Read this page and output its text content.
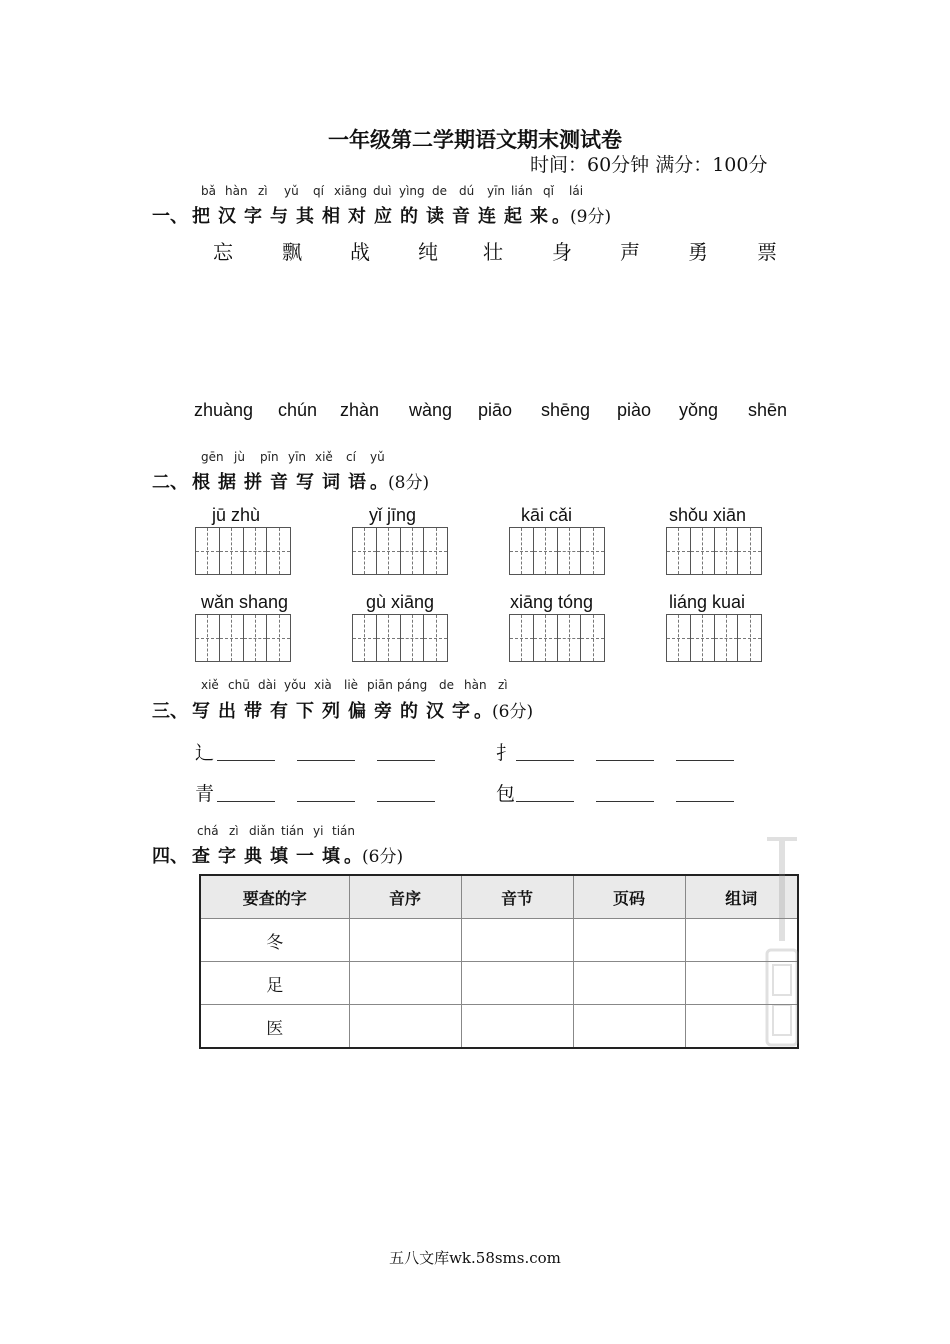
一年级第二学期语文期末测试卷
时间：60分钟 满分：100分
bǎ hàn zì yǔ qí xiāng duì yìng de dú yīn lián qǐ lái
一、 把 汉 字 与 其 相 对 应 的 读 音 连 起 来 。(9分)
忘 飘 战 纯 壮 身 声 勇 票
zhuàng chún zhàn wàng piāo shēng piào yǒng shēn
gēn jù pīn yīn xiě cí yǔ
二、 根 据 拼 音 写 词 语 。(8分)
jū zhù	yǐ jīng	kāi cǎi	shǒu xiān
wǎn shang	gù xiāng	xiāng tóng	liáng kuai
xiě chū dài yǒu xià liè piān páng de hàn zì
三、 写 出 带 有 下 列 偏 旁 的 汉 字 。(6分)
辶	扌
青	包
chá zì diǎn tián yi tián
四、 查 字 典 填 一 填 。(6分)
要查的字	音序	音节	页码	组词
冬				
足				
医				
五八文库wk.58sms.com
